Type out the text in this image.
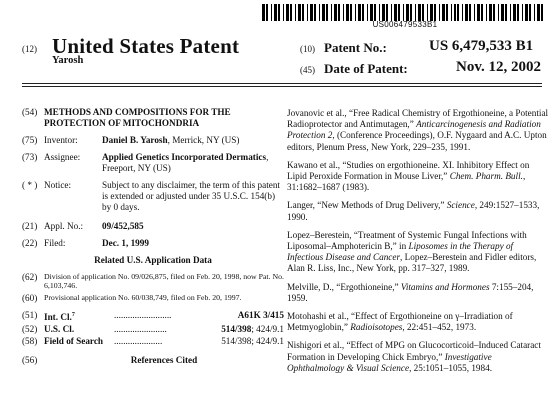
US006479533B1
(12) United States Patent
Yarosh
(10) Patent No.:	US 6,479,533 B1
(45) Date of Patent:	Nov. 12, 2002
(54) METHODS AND COMPOSITIONS FOR THE PROTECTION OF MITOCHONDRIA
(75) Inventor:	Daniel B. Yarosh, Merrick, NY (US)
(73) Assignee:	Applied Genetics Incorporated Dermatics, Freeport, NY (US)
( * ) Notice:	Subject to any disclaimer, the term of this patent is extended or adjusted under 35 U.S.C. 154(b) by 0 days.
(21) Appl. No.:	09/452,585
(22) Filed:	Dec. 1, 1999
Related U.S. Application Data
(62) Division of application No. 09/026,875, filed on Feb. 20, 1998, now Pat. No. 6,103,746.
(60) Provisional application No. 60/038,749, filed on Feb. 20, 1997.
(51) Int. Cl.$^7$	.........................	A61K 3/415
(52) U.S. Cl.	.......................	514/398; 424/9.1
(58) Field of Search	.....................	514/398; 424/9.1
(56)	References Cited
Jovanovic et al., “Free Radical Chemistry of Ergothioneine, a Potential Radioprotector and Antimutagen,” Anticarcinogenesis and Radiation Protection 2, (Conference Proceedings), O.F. Nygaard and A.C. Upton editors, Plenum Press, New York, 229–235, 1991.
Kawano et al., “Studies on ergothioneine. XI. Inhibitory Effect on Lipid Peroxide Formation in Mouse Liver,” Chem. Pharm. Bull., 31:1682–1687 (1983).
Langer, “New Methods of Drug Delivery,” Science, 249:1527–1533, 1990.
Lopez–Berestein, “Treatment of Systemic Fungal Infections with Liposomal–Amphotericin B,” in Liposomes in the Therapy of Infectious Disease and Cancer, Lopez–Berestein and Fidler editors, Alan R. Liss, Inc., New York, pp. 317–327, 1989.
Melville, D., “Ergothioneine,” Vitamins and Hormones 7:155–204, 1959.
Motohashi et al., “Effect of Ergothioneine on γ–Irradiation of Metmyoglobin,” Radioisotopes, 22:451–452, 1973.
Nishigori et al., “Effect of MPG on Glucocorticoid–Induced Cataract Formation in Developing Chick Embryo,” Investigative Ophthalmology & Visual Science, 25:1051–1055, 1984.
